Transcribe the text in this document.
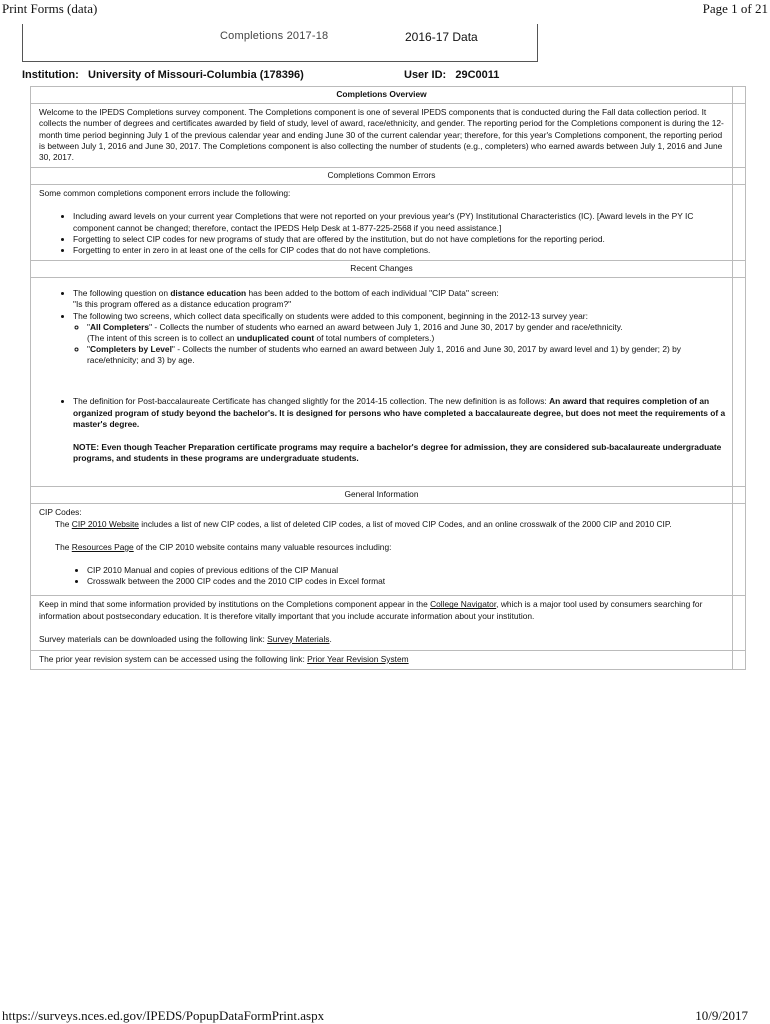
Print Forms (data)	Page 1 of 21
Completions 2017-18	2016-17 Data
Institution: University of Missouri-Columbia (178396)	User ID: 29C0011
Completions Overview

Welcome to the IPEDS Completions survey component. The Completions component is one of several IPEDS components that is conducted during the Fall data collection period. It collects the number of degrees and certificates awarded by field of study, level of award, race/ethnicity, and gender. The reporting period for the Completions component is during the 12-month time period beginning July 1 of the previous calendar year and ending June 30 of the current calendar year; therefore, for this year's Completions component, the reporting period is between July 1, 2016 and June 30, 2017. The Completions component is also collecting the number of students (e.g., completers) who earned awards between July 1, 2016 and June 30, 2017.

Completions Common Errors

Some common completions component errors include the following:

• Including award levels on your current year Completions that were not reported on your previous year's (PY) Institutional Characteristics (IC). [Award levels in the PY IC component cannot be changed; therefore, contact the IPEDS Help Desk at 1-877-225-2568 if you need assistance.]
• Forgetting to select CIP codes for new programs of study that are offered by the institution, but do not have completions for the reporting period.
• Forgetting to enter in zero in at least one of the cells for CIP codes that do not have completions.
Recent Changes
• The following question on distance education has been added to the bottom of each individual "CIP Data" screen:
"Is this program offered as a distance education program?"
• The following two screens, which collect data specifically on students were added to this component, beginning in the 2012-13 survey year:
◦ "All Completers" - Collects the number of students who earned an award between July 1, 2016 and June 30, 2017 by gender and race/ethnicity.
(The intent of this screen is to collect an unduplicated count of total numbers of completers.)
◦ "Completers by Level" - Collects the number of students who earned an award between July 1, 2016 and June 30, 2017 by award level and 1) by gender; 2) by race/ethnicity; and 3) by age.
• The definition for Post-baccalaureate Certificate has changed slightly for the 2014-15 collection. The new definition is as follows: An award that requires completion of an organized program of study beyond the bachelor's. It is designed for persons who have completed a baccalaureate degree, but does not meet the requirements of a master's degree.

NOTE: Even though Teacher Preparation certificate programs may require a bachelor's degree for admission, they are considered sub-bacalaureate undergraduate programs, and students in these programs are undergraduate students.

General Information

CIP Codes:

The CIP 2010 Website includes a list of new CIP codes, a list of deleted CIP codes, a list of moved CIP Codes, and an online crosswalk of the 2000 CIP and 2010 CIP.

The Resources Page of the CIP 2010 website contains many valuable resources including:

• CIP 2010 Manual and copies of previous editions of the CIP Manual
• Crosswalk between the 2000 CIP codes and the 2010 CIP codes in Excel format

Keep in mind that some information provided by institutions on the Completions component appear in the College Navigator, which is a major tool used by consumers searching for information about postsecondary education. It is therefore vitally important that you include accurate information about your institution.

Survey materials can be downloaded using the following link: Survey Materials.

The prior year revision system can be accessed using the following link: Prior Year Revision System

https://surveys.nces.ed.gov/IPEDS/PopupDataFormPrint.aspx	10/9/2017
